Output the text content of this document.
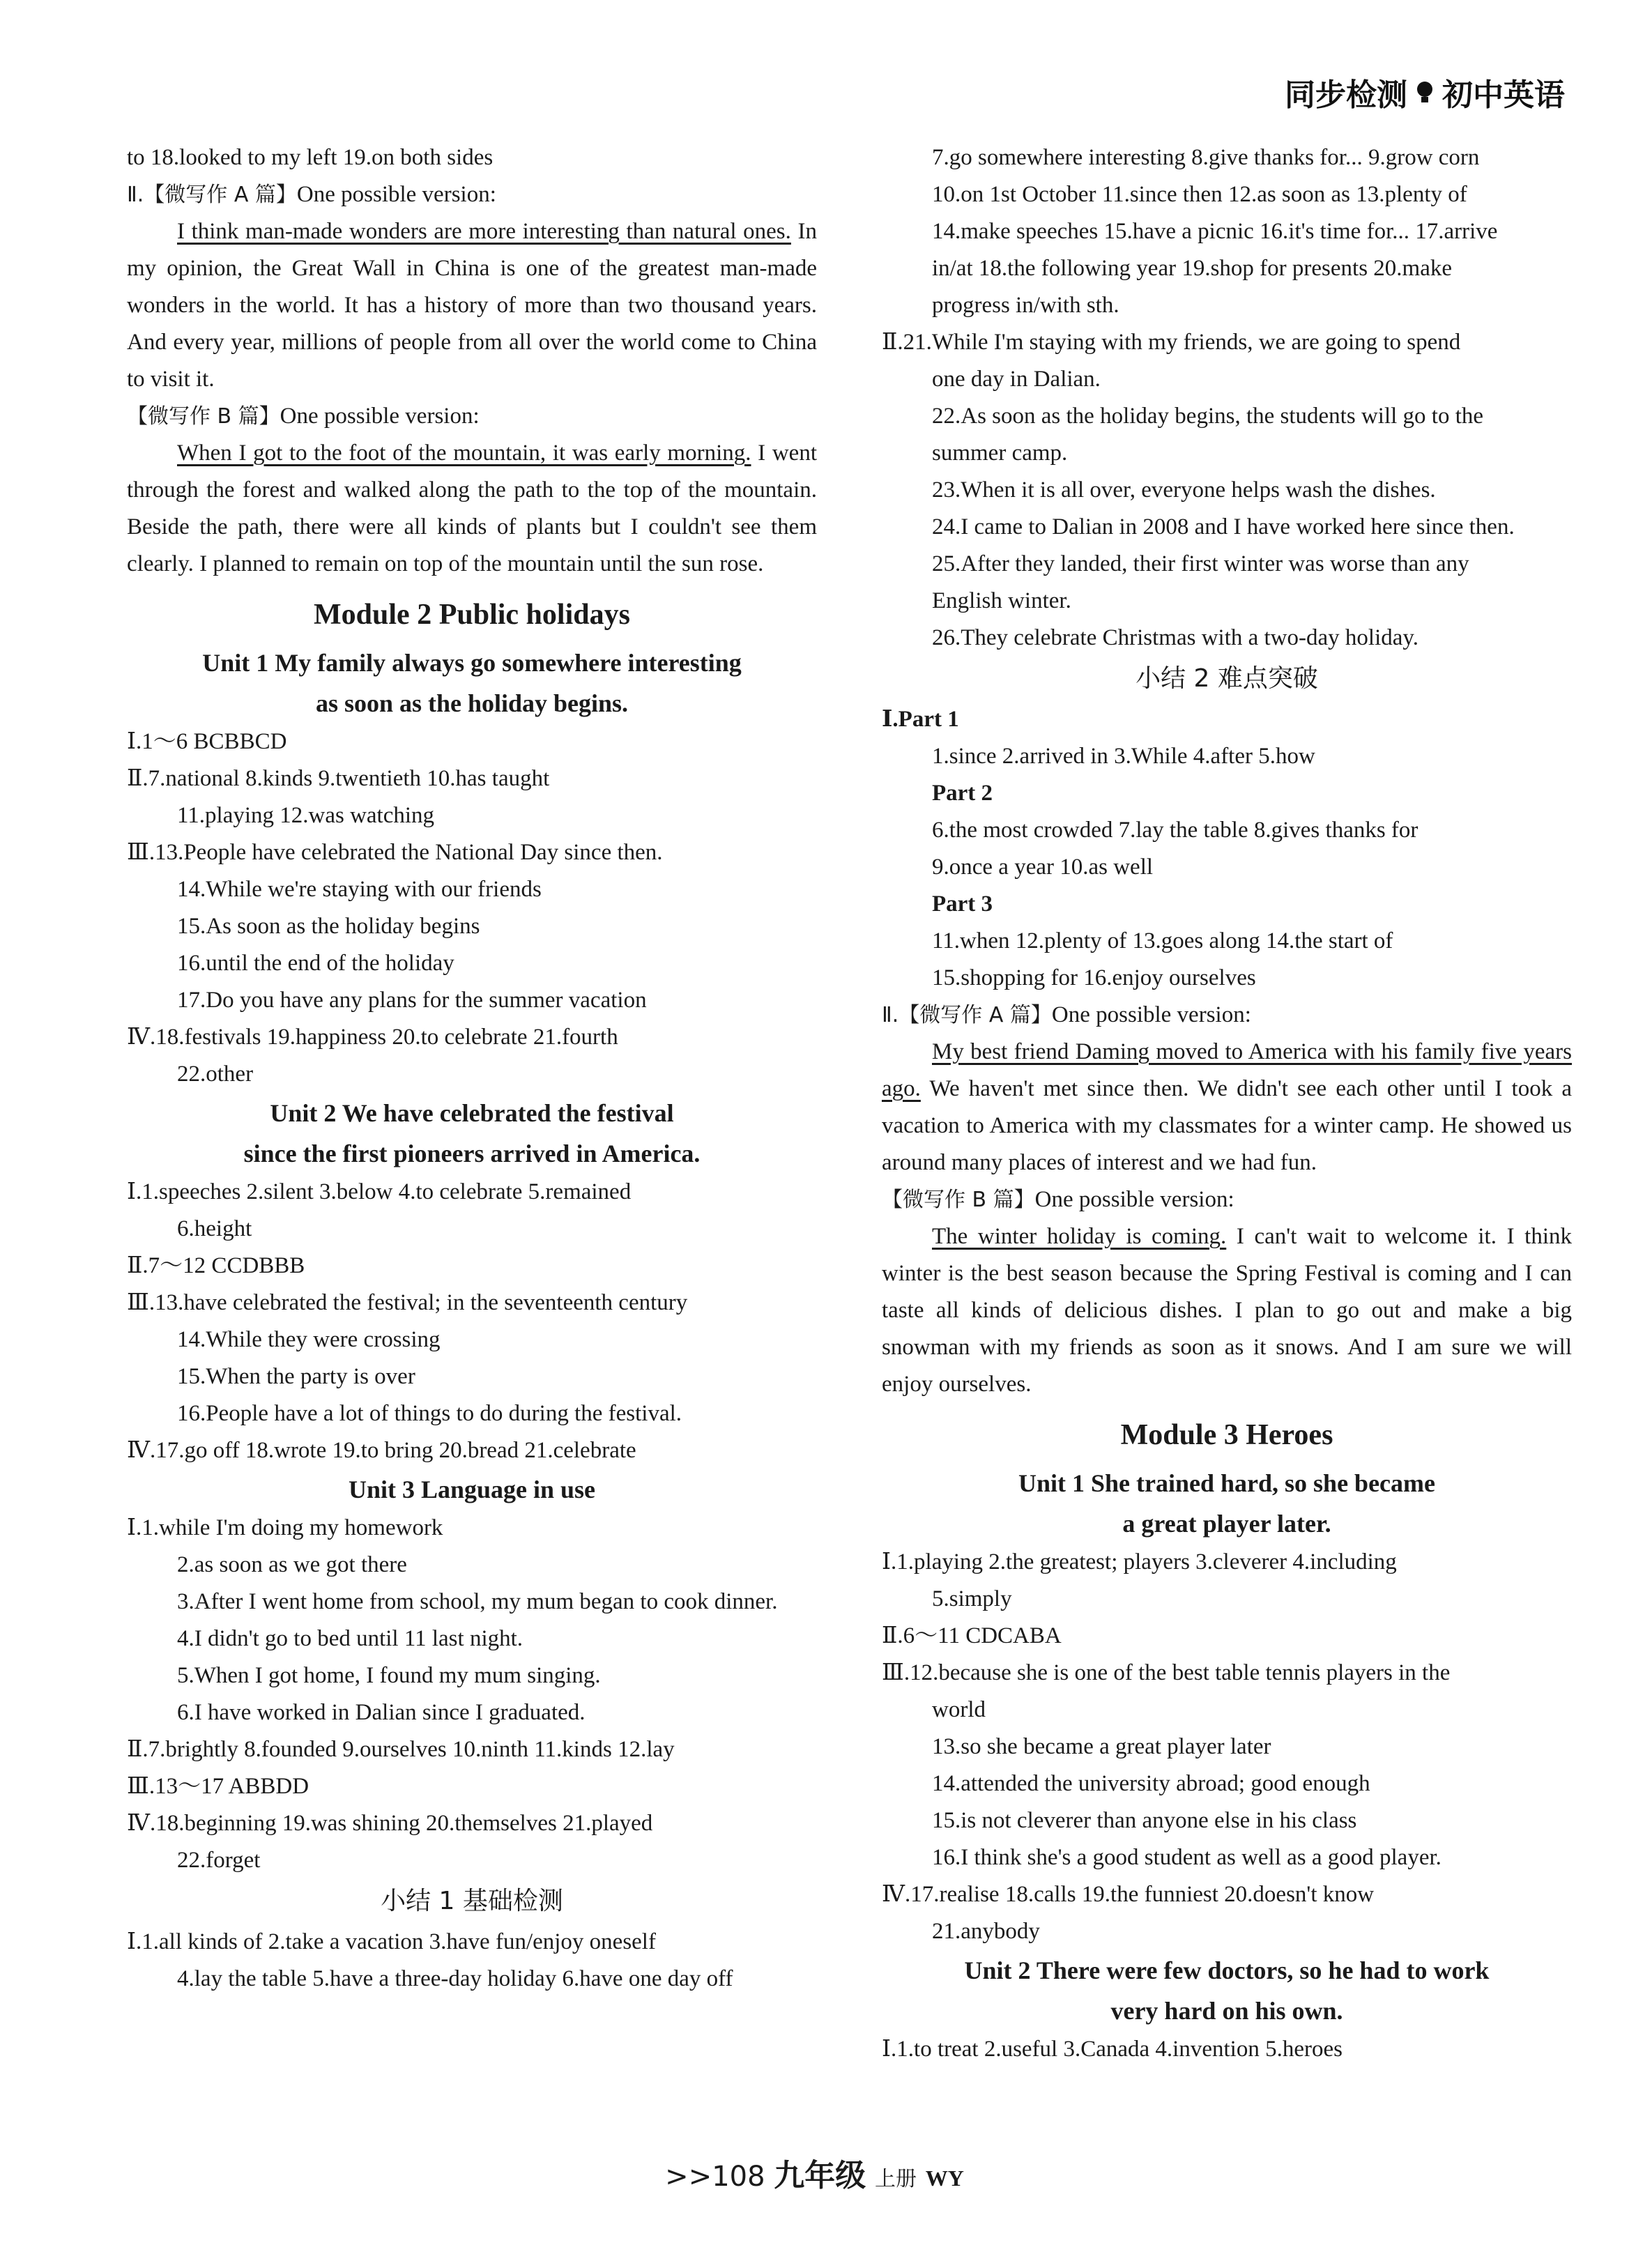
同步检测 初中英语
to 18.looked to my left 19.on both sides
Ⅱ.【微写作 A 篇】One possible version:
I think man-made wonders are more interesting than natural ones. In my opinion, the Great Wall in China is one of the greatest man-made wonders in the world. It has a history of more than two thousand years. And every year, millions of people from all over the world come to China to visit it.
【微写作 B 篇】One possible version:
When I got to the foot of the mountain, it was early morning. I went through the forest and walked along the path to the top of the mountain. Beside the path, there were all kinds of plants but I couldn't see them clearly. I planned to remain on top of the mountain until the sun rose.
Module 2 Public holidays
Unit 1 My family always go somewhere interesting
as soon as the holiday begins.
Ⅰ.1～6 BCBBCD
Ⅱ.7.national 8.kinds 9.twentieth 10.has taught
11.playing 12.was watching
Ⅲ.13.People have celebrated the National Day since then.
14.While we're staying with our friends
15.As soon as the holiday begins
16.until the end of the holiday
17.Do you have any plans for the summer vacation
Ⅳ.18.festivals 19.happiness 20.to celebrate 21.fourth
22.other
Unit 2 We have celebrated the festival
since the first pioneers arrived in America.
Ⅰ.1.speeches 2.silent 3.below 4.to celebrate 5.remained
6.height
Ⅱ.7～12 CCDBBB
Ⅲ.13.have celebrated the festival; in the seventeenth century
14.While they were crossing
15.When the party is over
16.People have a lot of things to do during the festival.
Ⅳ.17.go off 18.wrote 19.to bring 20.bread 21.celebrate
Unit 3 Language in use
Ⅰ.1.while I'm doing my homework
2.as soon as we got there
3.After I went home from school, my mum began to cook dinner.
4.I didn't go to bed until 11 last night.
5.When I got home, I found my mum singing.
6.I have worked in Dalian since I graduated.
Ⅱ.7.brightly 8.founded 9.ourselves 10.ninth 11.kinds 12.lay
Ⅲ.13～17 ABBDD
Ⅳ.18.beginning 19.was shining 20.themselves 21.played
22.forget
小结 1 基础检测
Ⅰ.1.all kinds of 2.take a vacation 3.have fun/enjoy oneself
4.lay the table 5.have a three-day holiday 6.have one day off
7.go somewhere interesting 8.give thanks for... 9.grow corn
10.on 1st October 11.since then 12.as soon as 13.plenty of
14.make speeches 15.have a picnic 16.it's time for... 17.arrive
in/at 18.the following year 19.shop for presents 20.make
progress in/with sth.
Ⅱ.21.While I'm staying with my friends, we are going to spend
one day in Dalian.
22.As soon as the holiday begins, the students will go to the
summer camp.
23.When it is all over, everyone helps wash the dishes.
24.I came to Dalian in 2008 and I have worked here since then.
25.After they landed, their first winter was worse than any
English winter.
26.They celebrate Christmas with a two-day holiday.
小结 2 难点突破
Ⅰ.Part 1
1.since 2.arrived in 3.While 4.after 5.how
Part 2
6.the most crowded 7.lay the table 8.gives thanks for
9.once a year 10.as well
Part 3
11.when 12.plenty of 13.goes along 14.the start of
15.shopping for 16.enjoy ourselves
Ⅱ.【微写作 A 篇】One possible version:
My best friend Daming moved to America with his family five years ago. We haven't met since then. We didn't see each other until I took a vacation to America with my classmates for a winter camp. He showed us around many places of interest and we had fun.
【微写作 B 篇】One possible version:
The winter holiday is coming. I can't wait to welcome it. I think winter is the best season because the Spring Festival is coming and I can taste all kinds of delicious dishes. I plan to go out and make a big snowman with my friends as soon as it snows. And I am sure we will enjoy ourselves.
Module 3 Heroes
Unit 1 She trained hard, so she became
a great player later.
Ⅰ.1.playing 2.the greatest; players 3.cleverer 4.including
5.simply
Ⅱ.6～11 CDCABA
Ⅲ.12.because she is one of the best table tennis players in the
world
13.so she became a great player later
14.attended the university abroad; good enough
15.is not cleverer than anyone else in his class
16.I think she's a good student as well as a good player.
Ⅳ.17.realise 18.calls 19.the funniest 20.doesn't know
21.anybody
Unit 2 There were few doctors, so he had to work
very hard on his own.
Ⅰ.1.to treat 2.useful 3.Canada 4.invention 5.heroes
>>108 九年级 上册 WY
